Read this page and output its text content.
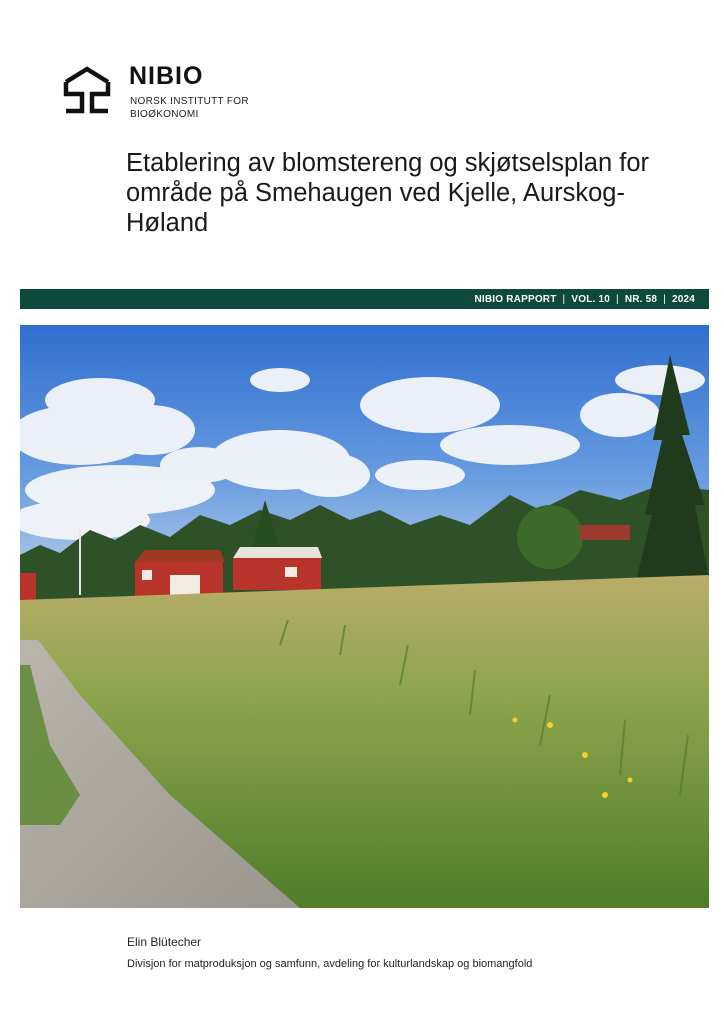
NIBIO
NORSK INSTITUTT FOR
BIOØKONOMI
Etablering av blomstereng og skjøtselsplan for område på Smehaugen ved Kjelle, Aurskog-Høland
NIBIO RAPPORT | VOL. 10 | NR. 58 | 2024
Elin Blütecher
Divisjon for matproduksjon og samfunn, avdeling for kulturlandskap og biomangfold
